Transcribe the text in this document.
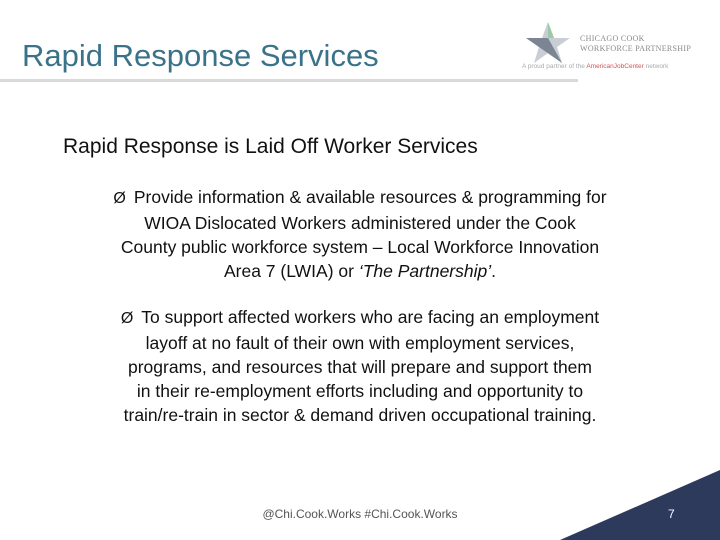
Rapid Response Services	CHICAGO COOK
WORKFORCE PARTNERSHIP
A proud partner of the AmericanJobCenter network
Rapid Response is Laid Off Worker Services
Ø Provide information & available resources & programming for
WIOA Dislocated Workers administered under the Cook
County public workforce system – Local Workforce Innovation
Area 7 (LWIA) or ‘The Partnership’.
Ø To support affected workers who are facing an employment
layoff at no fault of their own with employment services,
programs, and resources that will prepare and support them
in their re-employment efforts including and opportunity to
train/re-train in sector & demand driven occupational training.
@Chi.Cook.Works #Chi.Cook.Works	7
